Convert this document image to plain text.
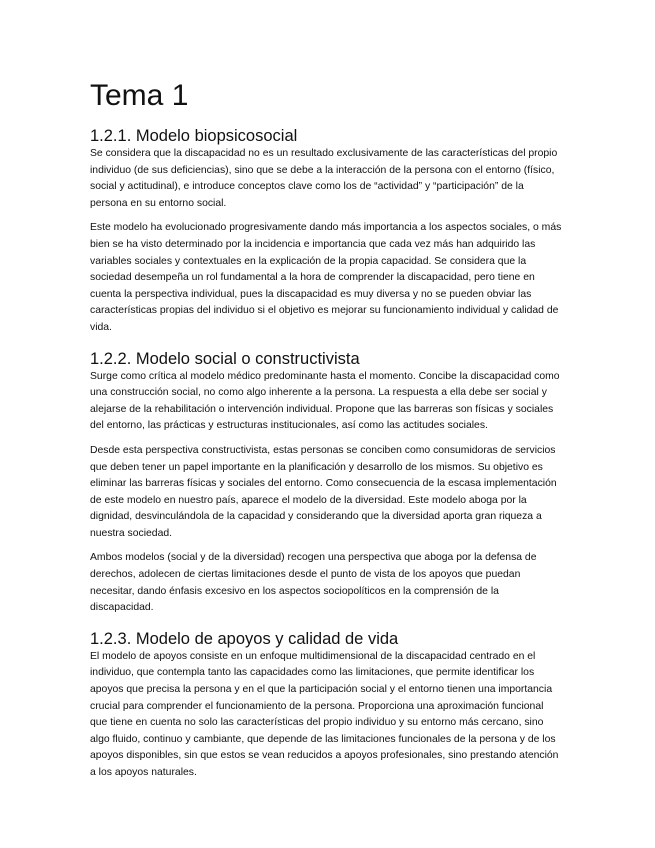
Tema 1
1.2.1. Modelo biopsicosocial

Se considera que la discapacidad no es un resultado exclusivamente de las características del propio individuo (de sus deficiencias), sino que se debe a la interacción de la persona con el entorno (físico, social y actitudinal), e introduce conceptos clave como los de “actividad” y “participación” de la persona en su entorno social.

Este modelo ha evolucionado progresivamente dando más importancia a los aspectos sociales, o más bien se ha visto determinado por la incidencia e importancia que cada vez más han adquirido las variables sociales y contextuales en la explicación de la propia capacidad. Se considera que la sociedad desempeña un rol fundamental a la hora de comprender la discapacidad, pero tiene en cuenta la perspectiva individual, pues la discapacidad es muy diversa y no se pueden obviar las características propias del individuo si el objetivo es mejorar su funcionamiento individual y calidad de vida.

1.2.2. Modelo social o constructivista

Surge como crítica al modelo médico predominante hasta el momento. Concibe la discapacidad como una construcción social, no como algo inherente a la persona. La respuesta a ella debe ser social y alejarse de la rehabilitación o intervención individual. Propone que las barreras son físicas y sociales del entorno, las prácticas y estructuras institucionales, así como las actitudes sociales.

Desde esta perspectiva constructivista, estas personas se conciben como consumidoras de servicios que deben tener un papel importante en la planificación y desarrollo de los mismos. Su objetivo es eliminar las barreras físicas y sociales del entorno. Como consecuencia de la escasa implementación de este modelo en nuestro país, aparece el modelo de la diversidad. Este modelo aboga por la dignidad, desvinculándola de la capacidad y considerando que la diversidad aporta gran riqueza a nuestra sociedad.

Ambos modelos (social y de la diversidad) recogen una perspectiva que aboga por la defensa de derechos, adolecen de ciertas limitaciones desde el punto de vista de los apoyos que puedan necesitar, dando énfasis excesivo en los aspectos sociopolíticos en la comprensión de la discapacidad.

1.2.3. Modelo de apoyos y calidad de vida

El modelo de apoyos consiste en un enfoque multidimensional de la discapacidad centrado en el individuo, que contempla tanto las capacidades como las limitaciones, que permite identificar los apoyos que precisa la persona y en el que la participación social y el entorno tienen una importancia crucial para comprender el funcionamiento de la persona. Proporciona una aproximación funcional que tiene en cuenta no solo las características del propio individuo y su entorno más cercano, sino algo fluido, continuo y cambiante, que depende de las limitaciones funcionales de la persona y de los apoyos disponibles, sin que estos se vean reducidos a apoyos profesionales, sino prestando atención a los apoyos naturales.
